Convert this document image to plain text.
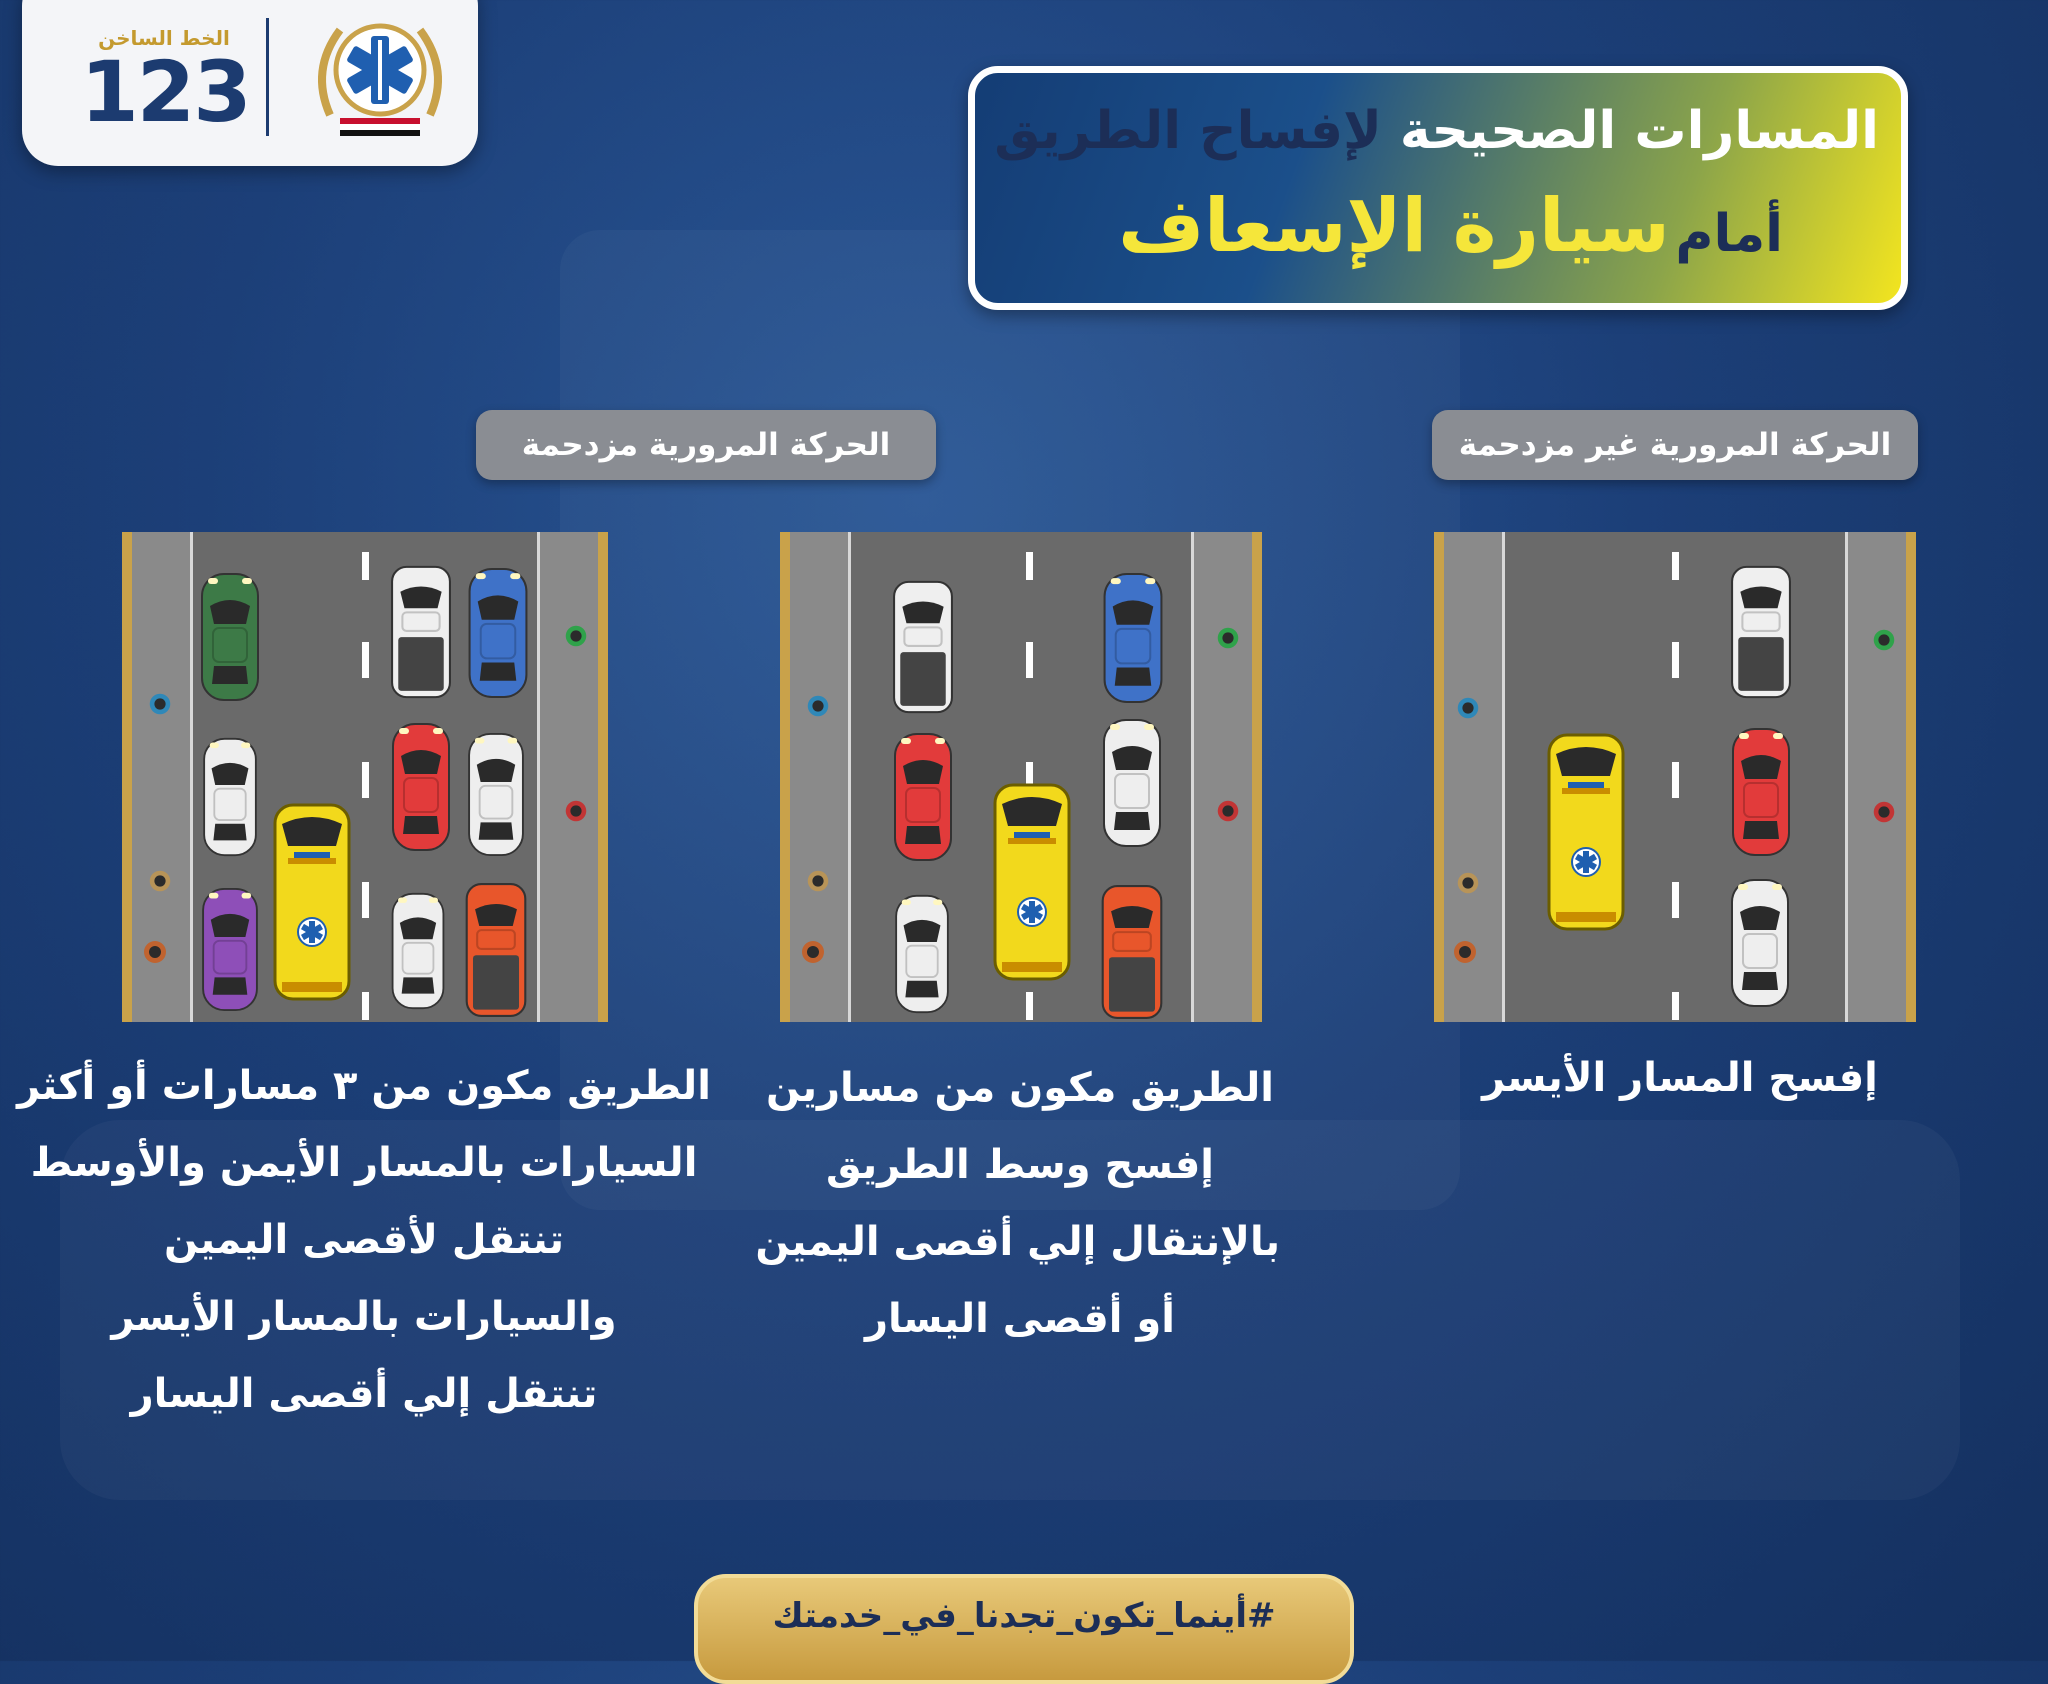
الخط الساخن
123	المسارات الصحيحة لإفساح الطريق
أمام سيارة الإسعاف
الحركة المرورية مزدحمة	الحركة المرورية غير مزدحمة
الطريق مكون من ٣ مسارات أو أكثر
السيارات بالمسار الأيمن والأوسط
تنتقل لأقصى اليمين
والسيارات بالمسار الأيسر
تنتقل إلي أقصى اليسار
الطريق مكون من مسارين
إفسح وسط الطريق
بالإنتقال إلي أقصى اليمين
أو أقصى اليسار
إفسح المسار الأيسر
#أينما_تكون_تجدنا_في_خدمتك
